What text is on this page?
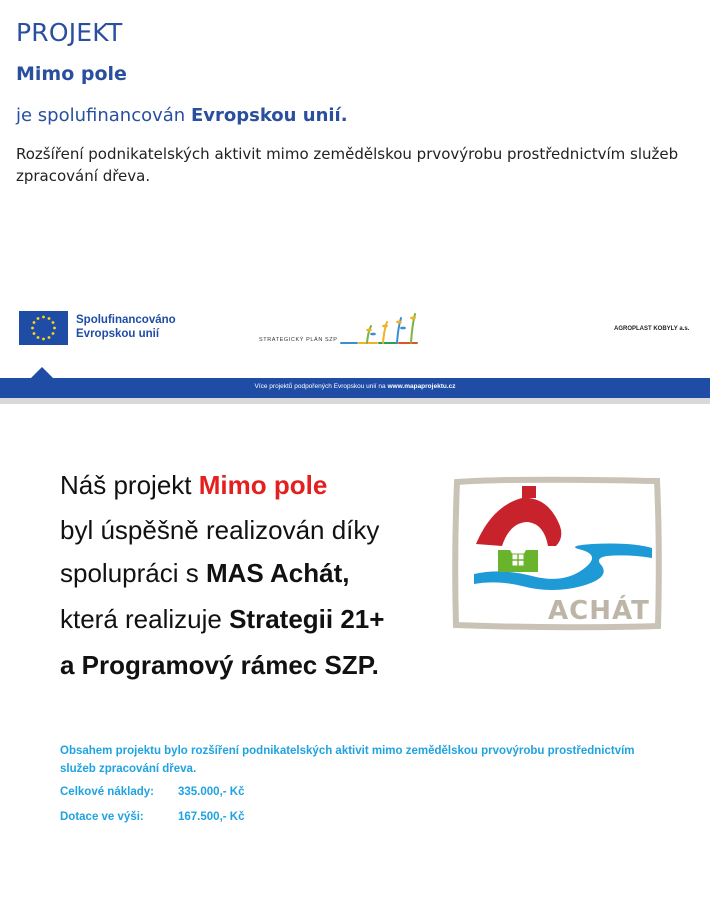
PROJEKT
Mimo pole
je spolufinancován Evropskou unií.
Rozšíření podnikatelských aktivit mimo zemědělskou prvovýrobu prostřednictvím služeb zpracování dřeva.
Spolufinancováno
Evropskou unií	STRATEGICKÝ PLÁN SZP
AGROPLAST KOBYLY a.s.
Více projektů podpořených Evropskou unií na www.mapaprojektu.cz
Náš projekt Mimo pole
byl úspěšně realizován díky
spolupráci s MAS Achát,
která realizuje Strategii 21+
a Programový rámec SZP.
ACHÁT
Obsahem projektu bylo rozšíření podnikatelských aktivit mimo zemědělskou prvovýrobu prostřednictvím služeb zpracování dřeva.
Celkové náklady: 335.000,- Kč
Dotace ve výši:	167.500,- Kč
